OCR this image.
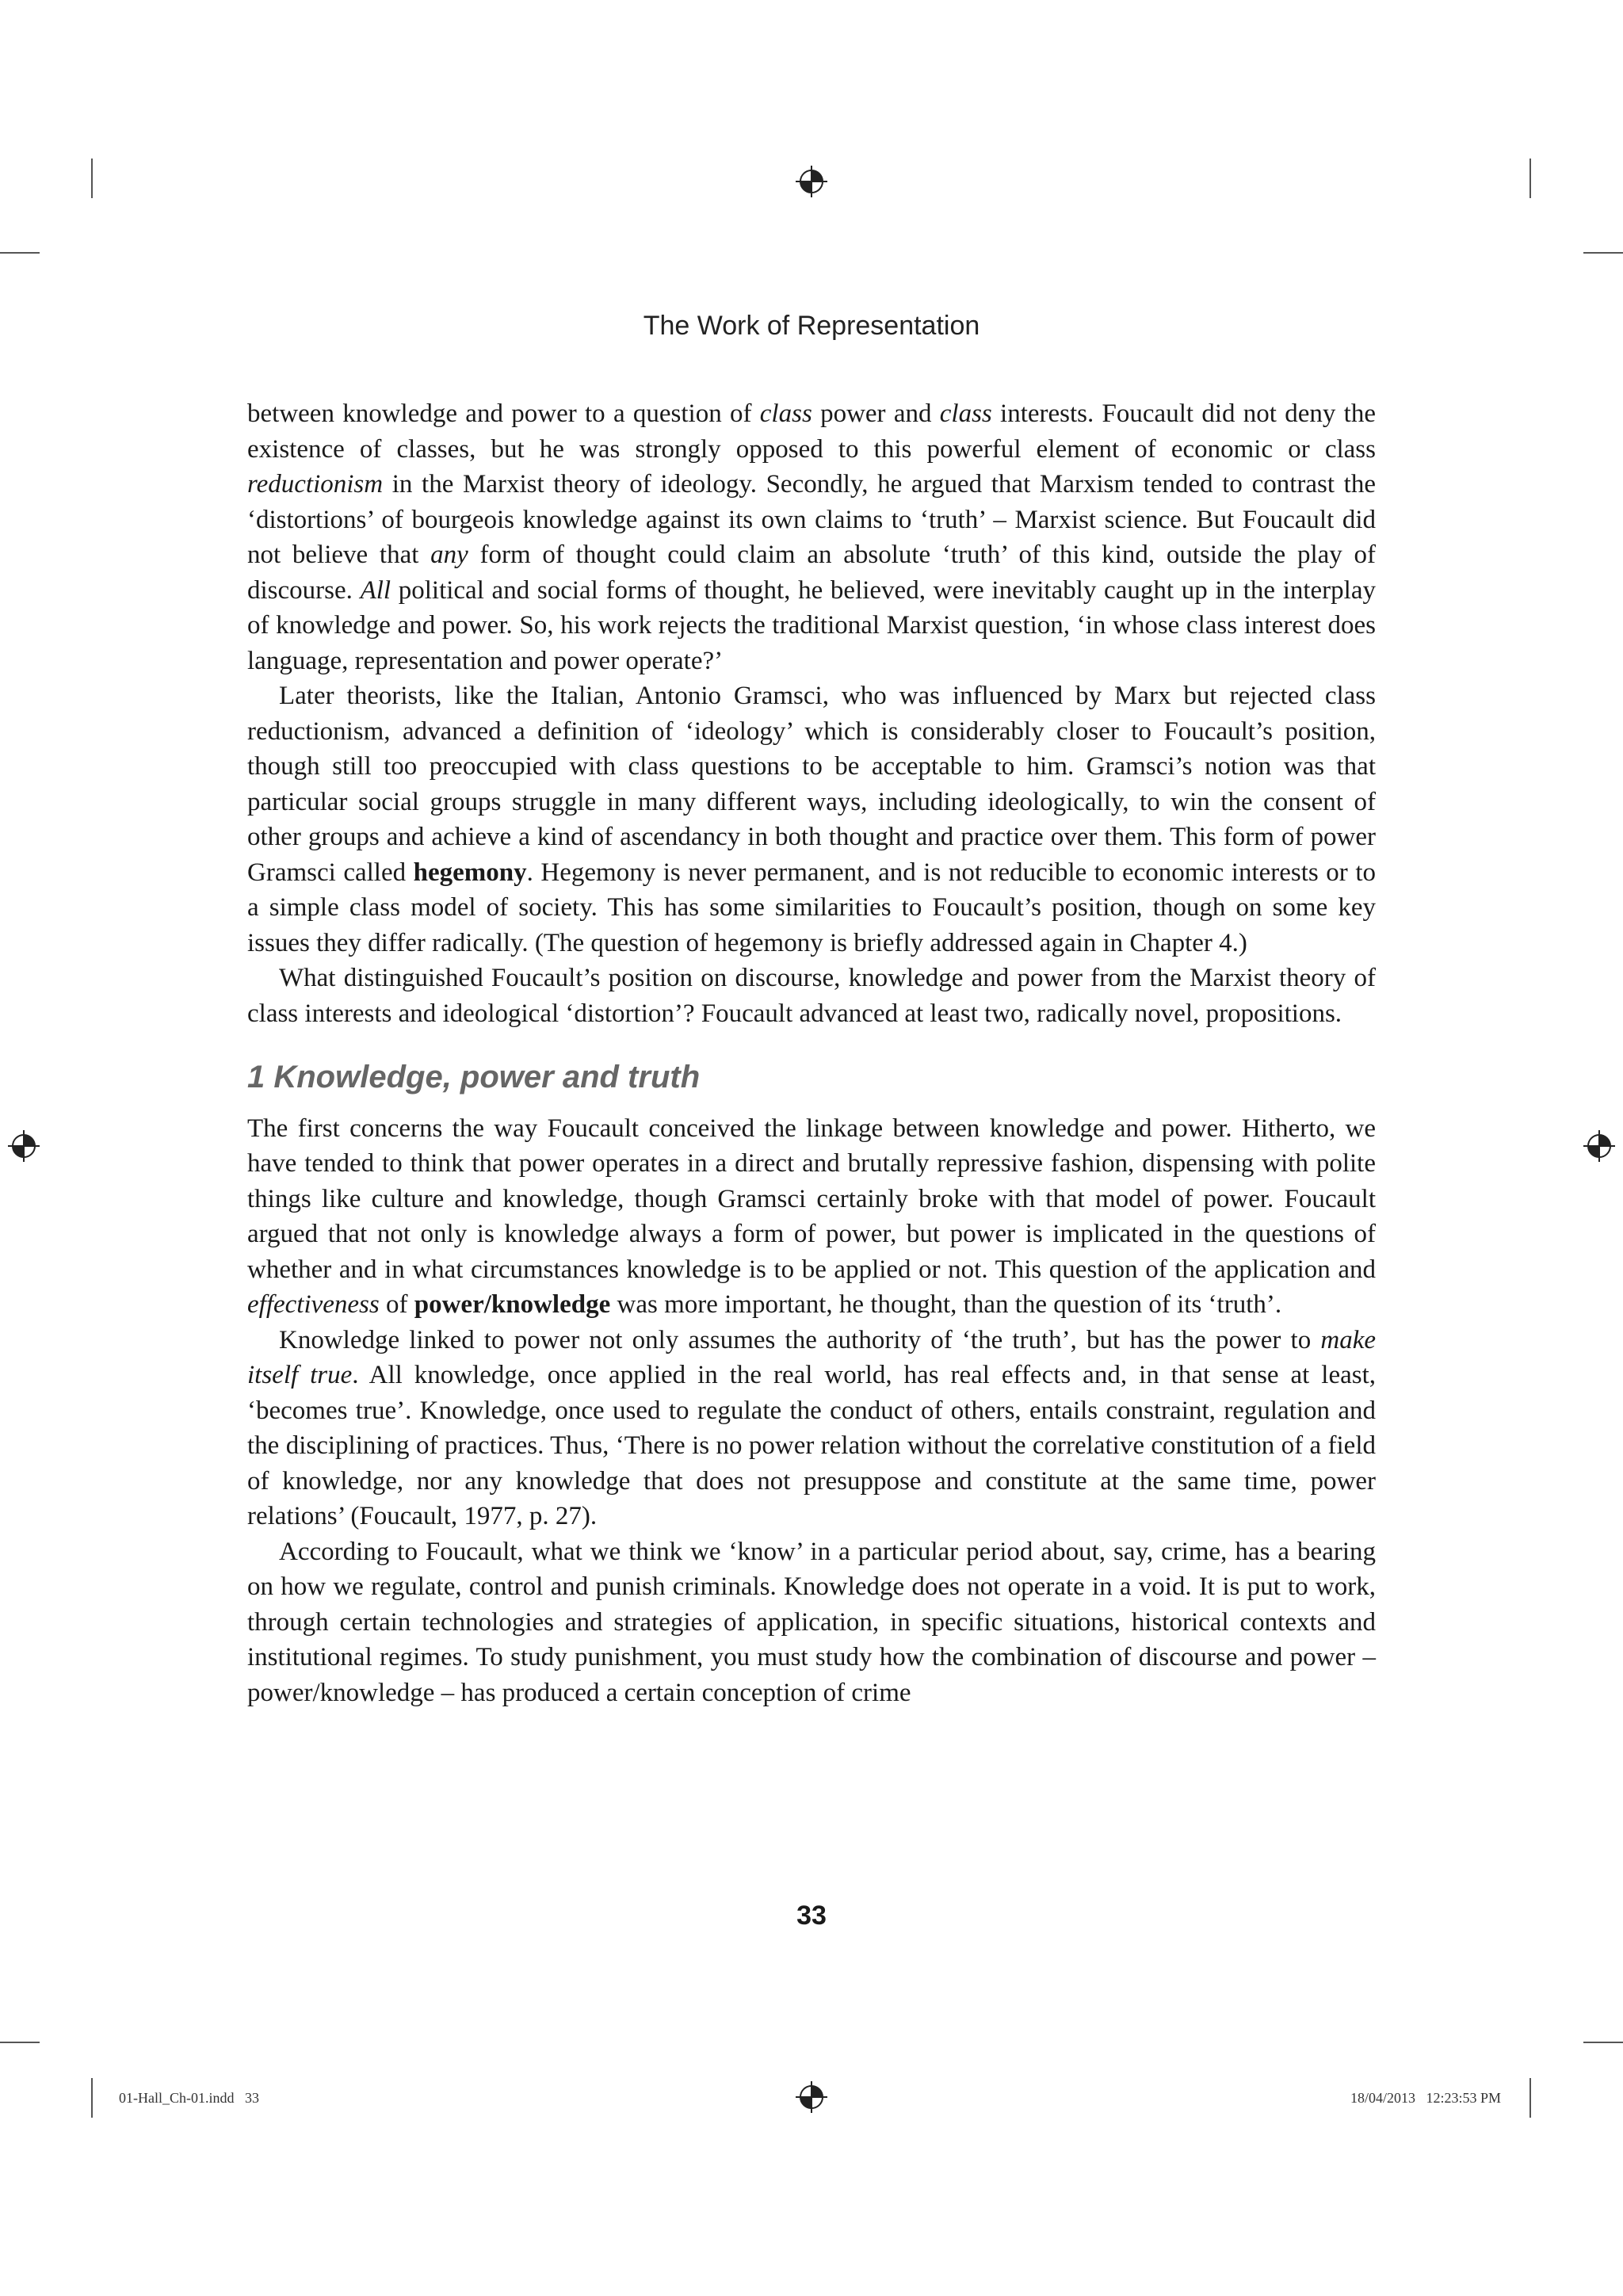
The Work of Representation

between knowledge and power to a question of class power and class interests. Foucault did not deny the existence of classes, but he was strongly opposed to this powerful element of economic or class reductionism in the Marxist theory of ideology. Secondly, he argued that Marxism tended to contrast the ‘distortions’ of bourgeois knowledge against its own claims to ‘truth’ – Marxist science. But Foucault did not believe that any form of thought could claim an absolute ‘truth’ of this kind, outside the play of discourse. All political and social forms of thought, he believed, were inevitably caught up in the interplay of knowledge and power. So, his work rejects the traditional Marxist question, ‘in whose class interest does language, representation and power operate?’

Later theorists, like the Italian, Antonio Gramsci, who was influenced by Marx but rejected class reductionism, advanced a definition of ‘ideology’ which is considerably closer to Foucault’s position, though still too preoccupied with class questions to be acceptable to him. Gramsci’s notion was that particular social groups struggle in many different ways, including ideologically, to win the consent of other groups and achieve a kind of ascendancy in both thought and practice over them. This form of power Gramsci called hegemony. Hegemony is never permanent, and is not reducible to economic interests or to a simple class model of society. This has some similarities to Foucault’s position, though on some key issues they differ radically. (The question of hegemony is briefly addressed again in Chapter 4.)

What distinguished Foucault’s position on discourse, knowledge and power from the Marxist theory of class interests and ideological ‘distortion’? Foucault advanced at least two, radically novel, propositions.

1 Knowledge, power and truth

The first concerns the way Foucault conceived the linkage between knowledge and power. Hitherto, we have tended to think that power operates in a direct and brutally repressive fashion, dispensing with polite things like culture and knowledge, though Gramsci certainly broke with that model of power. Foucault argued that not only is knowledge always a form of power, but power is implicated in the questions of whether and in what circumstances knowledge is to be applied or not. This question of the application and effectiveness of power/knowledge was more important, he thought, than the question of its ‘truth’.

Knowledge linked to power not only assumes the authority of ‘the truth’, but has the power to make itself true. All knowledge, once applied in the real world, has real effects and, in that sense at least, ‘becomes true’. Knowledge, once used to regulate the conduct of others, entails constraint, regulation and the disciplining of practices. Thus, ‘There is no power relation without the correlative constitution of a field of knowledge, nor any knowledge that does not presuppose and constitute at the same time, power relations’ (Foucault, 1977, p. 27).

According to Foucault, what we think we ‘know’ in a particular period about, say, crime, has a bearing on how we regulate, control and punish criminals. Knowledge does not operate in a void. It is put to work, through certain technologies and strategies of application, in specific situations, historical contexts and institutional regimes. To study punishment, you must study how the combination of discourse and power – power/knowledge – has produced a certain conception of crime

33
01-Hall_Ch-01.indd   33	18/04/2013   12:23:53 PM
